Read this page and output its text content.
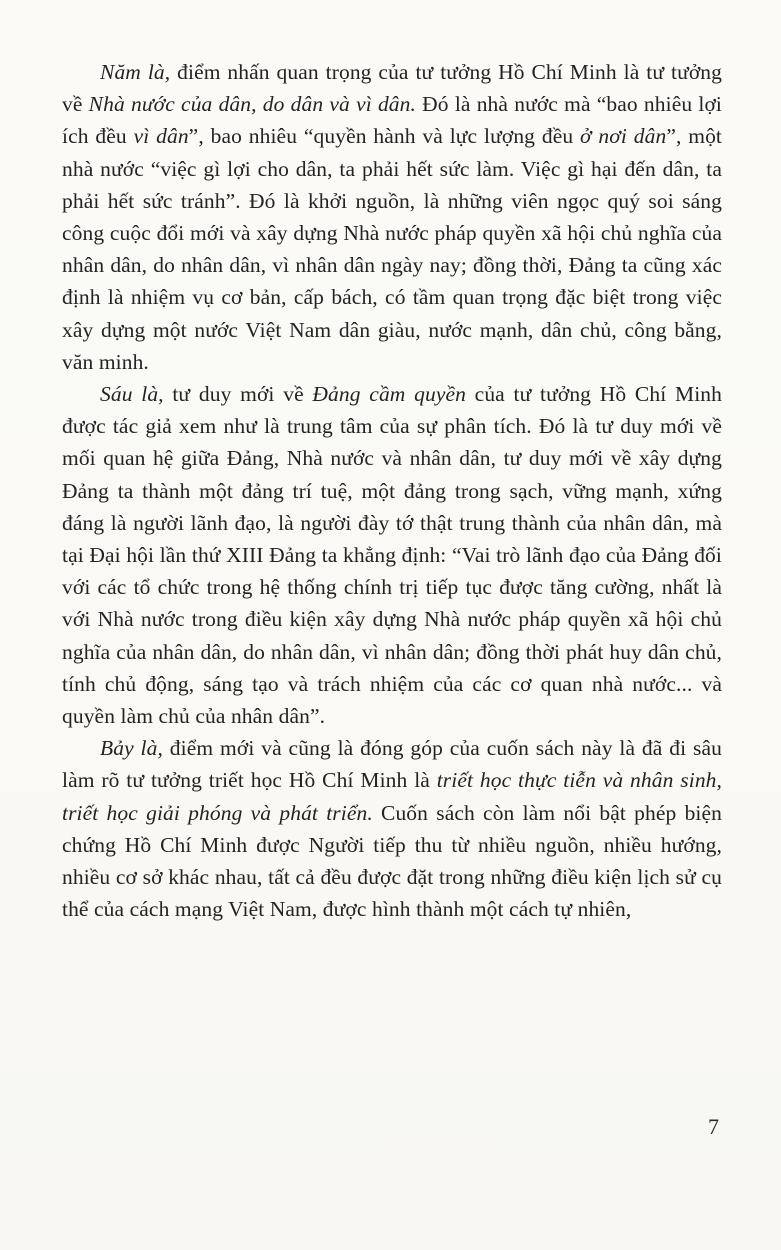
Năm là, điểm nhấn quan trọng của tư tưởng Hồ Chí Minh là tư tưởng về Nhà nước của dân, do dân và vì dân. Đó là nhà nước mà “bao nhiêu lợi ích đều vì dân”, bao nhiêu “quyền hành và lực lượng đều ở nơi dân”, một nhà nước “việc gì lợi cho dân, ta phải hết sức làm. Việc gì hại đến dân, ta phải hết sức tránh”. Đó là khởi nguồn, là những viên ngọc quý soi sáng công cuộc đổi mới và xây dựng Nhà nước pháp quyền xã hội chủ nghĩa của nhân dân, do nhân dân, vì nhân dân ngày nay; đồng thời, Đảng ta cũng xác định là nhiệm vụ cơ bản, cấp bách, có tầm quan trọng đặc biệt trong việc xây dựng một nước Việt Nam dân giàu, nước mạnh, dân chủ, công bằng, văn minh.

Sáu là, tư duy mới về Đảng cầm quyền của tư tưởng Hồ Chí Minh được tác giả xem như là trung tâm của sự phân tích. Đó là tư duy mới về mối quan hệ giữa Đảng, Nhà nước và nhân dân, tư duy mới về xây dựng Đảng ta thành một đảng trí tuệ, một đảng trong sạch, vững mạnh, xứng đáng là người lãnh đạo, là người đày tớ thật trung thành của nhân dân, mà tại Đại hội lần thứ XIII Đảng ta khẳng định: “Vai trò lãnh đạo của Đảng đối với các tổ chức trong hệ thống chính trị tiếp tục được tăng cường, nhất là với Nhà nước trong điều kiện xây dựng Nhà nước pháp quyền xã hội chủ nghĩa của nhân dân, do nhân dân, vì nhân dân; đồng thời phát huy dân chủ, tính chủ động, sáng tạo và trách nhiệm của các cơ quan nhà nước... và quyền làm chủ của nhân dân”.

Bảy là, điểm mới và cũng là đóng góp của cuốn sách này là đã đi sâu làm rõ tư tưởng triết học Hồ Chí Minh là triết học thực tiễn và nhân sinh, triết học giải phóng và phát triển. Cuốn sách còn làm nổi bật phép biện chứng Hồ Chí Minh được Người tiếp thu từ nhiều nguồn, nhiều hướng, nhiều cơ sở khác nhau, tất cả đều được đặt trong những điều kiện lịch sử cụ thể của cách mạng Việt Nam, được hình thành một cách tự nhiên,

7
